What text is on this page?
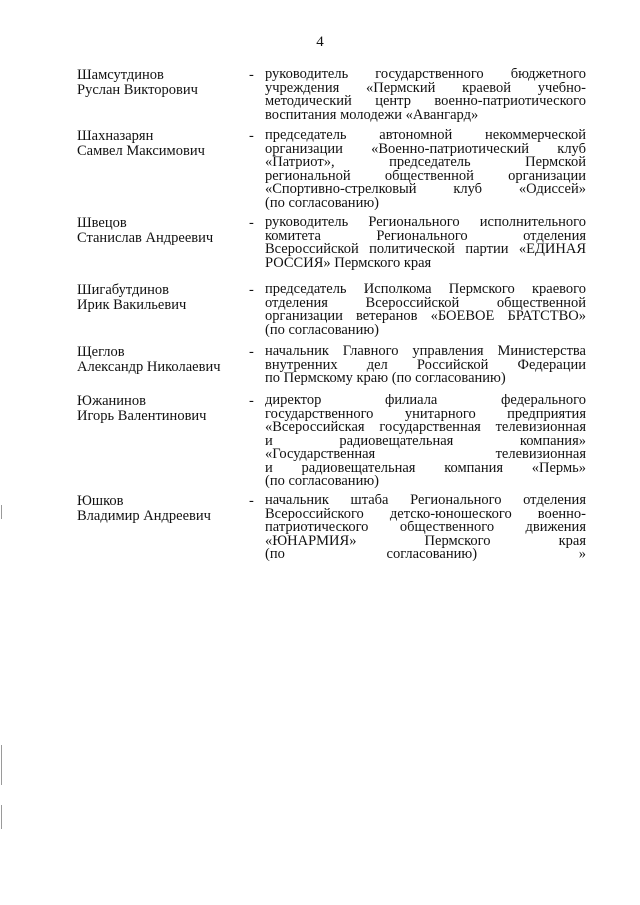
4
Шамсутдинов
Руслан Викторович
- руководитель государственного бюджетного
учреждения «Пермский краевой учебно-
методический центр военно-патриотического
воспитания молодежи «Авангард»
Шахназарян
Самвел Максимович
- председатель автономной некоммерческой
организации «Военно-патриотический клуб
«Патриот», председатель Пермской
региональной общественной организации
«Спортивно-стрелковый клуб «Одиссей»
(по согласованию)
Швецов
Станислав Андреевич
- руководитель Регионального исполнительного
комитета Регионального отделения
Всероссийской политической партии «ЕДИНАЯ
РОССИЯ» Пермского края
Шигабутдинов
Ирик Вакильевич
- председатель Исполкома Пермского краевого
отделения Всероссийской общественной
организации ветеранов «БОЕВОЕ БРАТСТВО»
(по согласованию)
Щеглов
Александр Николаевич
- начальник Главного управления Министерства
внутренних дел Российской Федерации
по Пермскому краю (по согласованию)
Южанинов
Игорь Валентинович
- директор филиала федерального
государственного унитарного предприятия
«Всероссийская государственная телевизионная
и радиовещательная компания»
«Государственная телевизионная
и радиовещательная компания «Пермь»
(по согласованию)
Юшков
Владимир Андреевич
- начальник штаба Регионального отделения
Всероссийского детско-юношеского военно-
патриотического общественного движения
«ЮНАРМИЯ» Пермского края
(по согласованию) »
